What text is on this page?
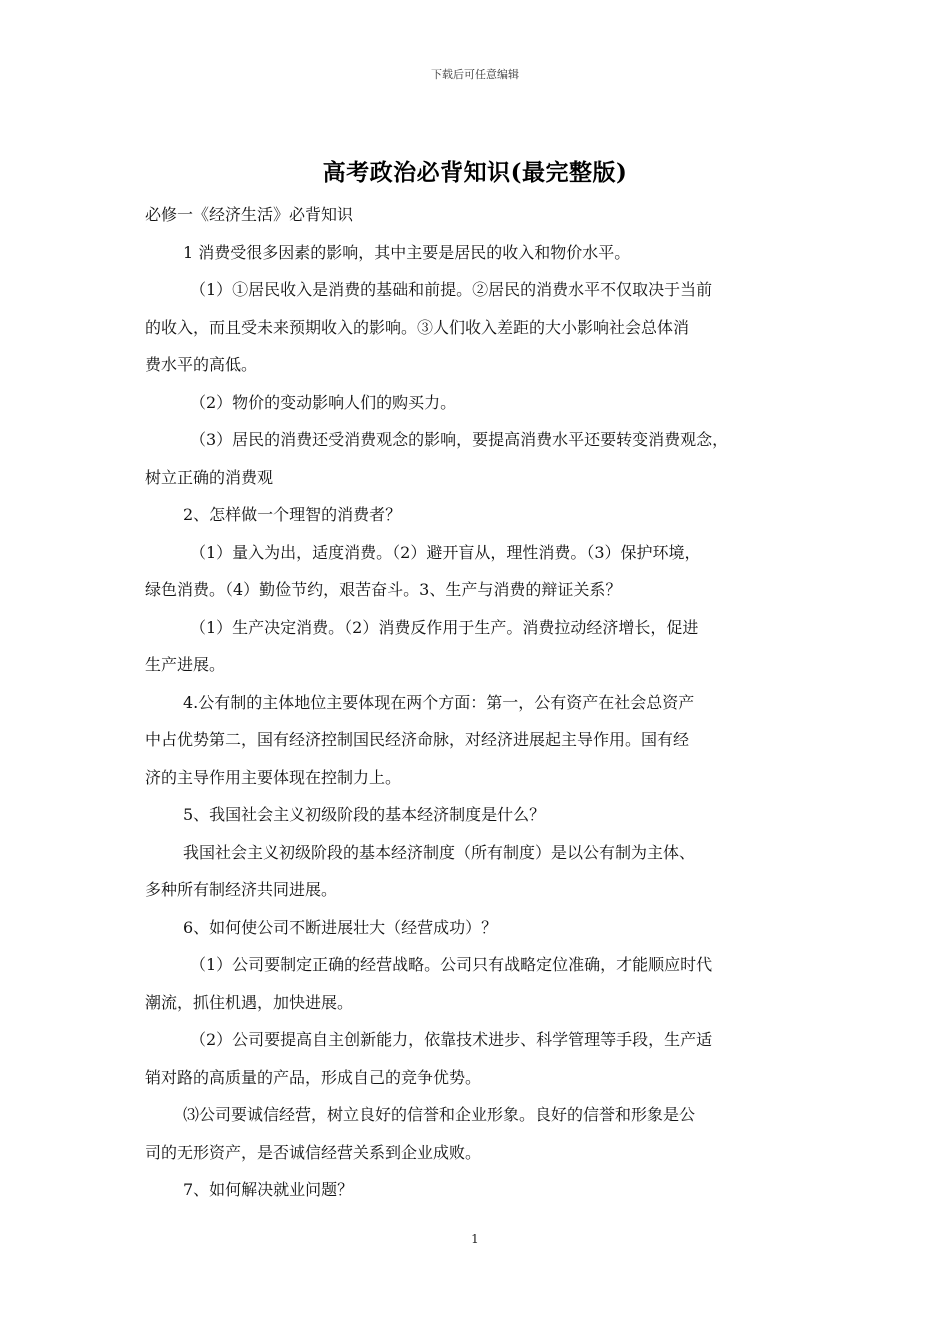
下载后可任意编辑
高考政治必背知识(最完整版)
必修一《经济生活》必背知识
1 消费受很多因素的影响，其中主要是居民的收入和物价水平。
（1）①居民收入是消费的基础和前提。②居民的消费水平不仅取决于当前
的收入，而且受未来预期收入的影响。③人们收入差距的大小影响社会总体消
费水平的高低。
（2）物价的变动影响人们的购买力。
（3）居民的消费还受消费观念的影响，要提高消费水平还要转变消费观念，
树立正确的消费观
2、怎样做一个理智的消费者？
（1）量入为出，适度消费。（2）避开盲从，理性消费。（3）保护环境，
绿色消费。（4）勤俭节约，艰苦奋斗。3、生产与消费的辩证关系？
（1）生产决定消费。（2）消费反作用于生产。消费拉动经济增长，促进
生产进展。
4.公有制的主体地位主要体现在两个方面：第一，公有资产在社会总资产
中占优势第二，国有经济控制国民经济命脉，对经济进展起主导作用。国有经
济的主导作用主要体现在控制力上。
5、我国社会主义初级阶段的基本经济制度是什么？
我国社会主义初级阶段的基本经济制度（所有制度）是以公有制为主体、
多种所有制经济共同进展。
6、如何使公司不断进展壮大（经营成功）？
（1）公司要制定正确的经营战略。公司只有战略定位准确，才能顺应时代
潮流，抓住机遇，加快进展。
（2）公司要提高自主创新能力，依靠技术进步、科学管理等手段，生产适
销对路的高质量的产品，形成自己的竞争优势。
⑶公司要诚信经营，树立良好的信誉和企业形象。良好的信誉和形象是公
司的无形资产，是否诚信经营关系到企业成败。
7、如何解决就业问题？
1
